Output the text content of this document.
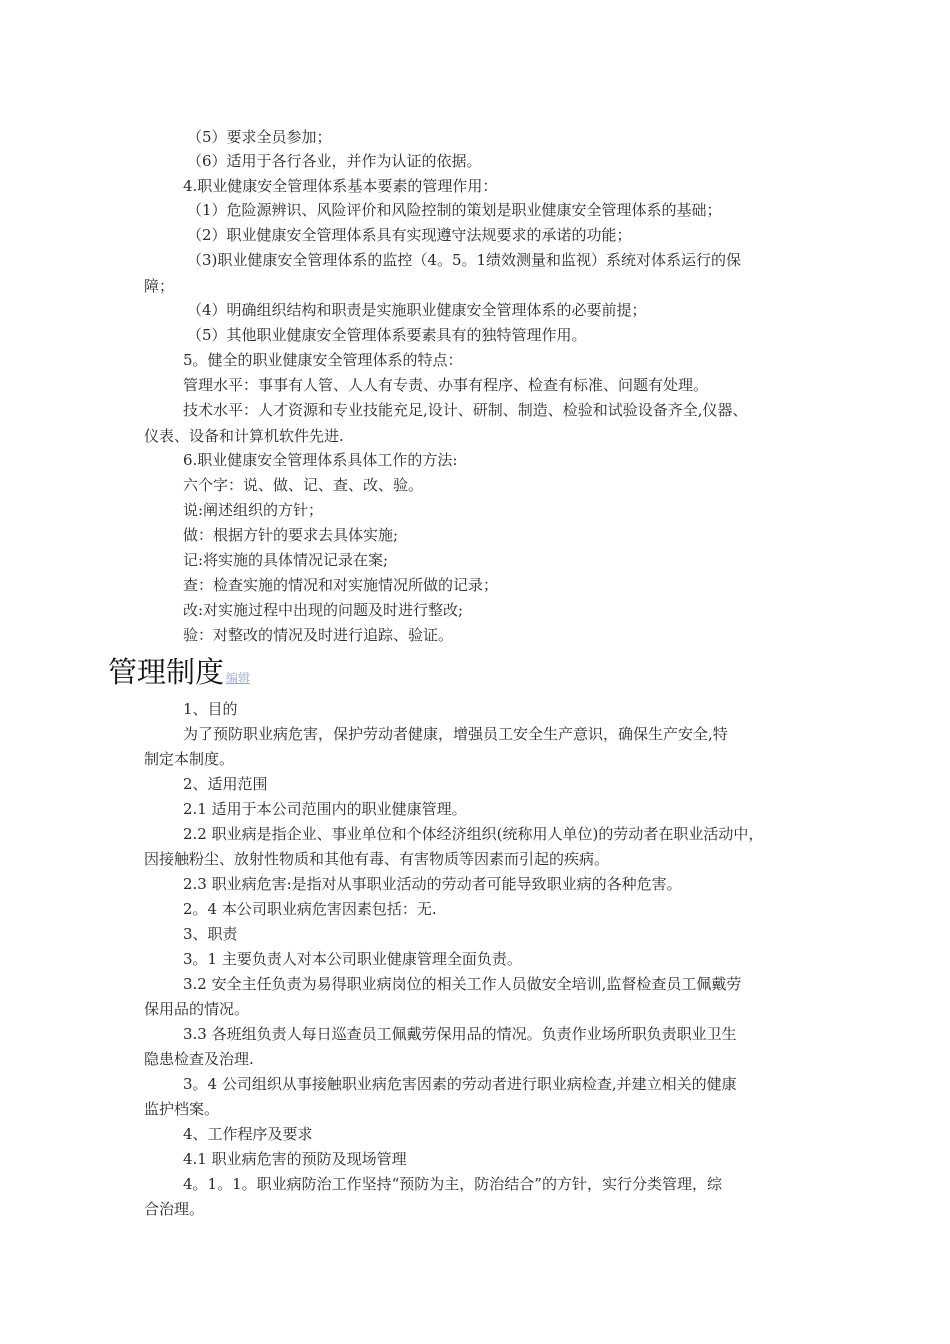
（5）要求全员参加；
（6）适用于各行各业，并作为认证的依据。
4.职业健康安全管理体系基本要素的管理作用：
（1）危险源辨识、风险评价和风险控制的策划是职业健康安全管理体系的基础；
（2）职业健康安全管理体系具有实现遵守法规要求的承诺的功能；
（3)职业健康安全管理体系的监控（4。5。1绩效测量和监视）系统对体系运行的保
障；
（4）明确组织结构和职责是实施职业健康安全管理体系的必要前提；
（5）其他职业健康安全管理体系要素具有的独特管理作用。
5。健全的职业健康安全管理体系的特点：
管理水平：事事有人管、人人有专责、办事有程序、检查有标准、问题有处理。
技术水平：人才资源和专业技能充足,设计、研制、制造、检验和试验设备齐全,仪器、
仪表、设备和计算机软件先进.
6.职业健康安全管理体系具体工作的方法:
六个字：说、做、记、查、改、验。
说:阐述组织的方针；
做：根据方针的要求去具体实施;
记:将实施的具体情况记录在案;
查：检查实施的情况和对实施情况所做的记录；
改:对实施过程中出现的问题及时进行整改;
验：对整改的情况及时进行追踪、验证。
管理制度 编辑
1、目的
为了预防职业病危害，保护劳动者健康，增强员工安全生产意识，确保生产安全,特
制定本制度。
2、适用范围
2.1 适用于本公司范围内的职业健康管理。
2.2 职业病是指企业、事业单位和个体经济组织(统称用人单位)的劳动者在职业活动中，
因接触粉尘、放射性物质和其他有毒、有害物质等因素而引起的疾病。
2.3 职业病危害:是指对从事职业活动的劳动者可能导致职业病的各种危害。
2。4 本公司职业病危害因素包括：无.
3、职责
3。1 主要负责人对本公司职业健康管理全面负责。
3.2 安全主任负责为易得职业病岗位的相关工作人员做安全培训,监督检查员工佩戴劳
保用品的情况。
3.3 各班组负责人每日巡查员工佩戴劳保用品的情况。负责作业场所职负责职业卫生
隐患检查及治理.
3。4 公司组织从事接触职业病危害因素的劳动者进行职业病检查,并建立相关的健康
监护档案。
4、工作程序及要求
4.1 职业病危害的预防及现场管理
4。1。1。职业病防治工作坚持“预防为主，防治结合”的方针，实行分类管理，综
合治理。
